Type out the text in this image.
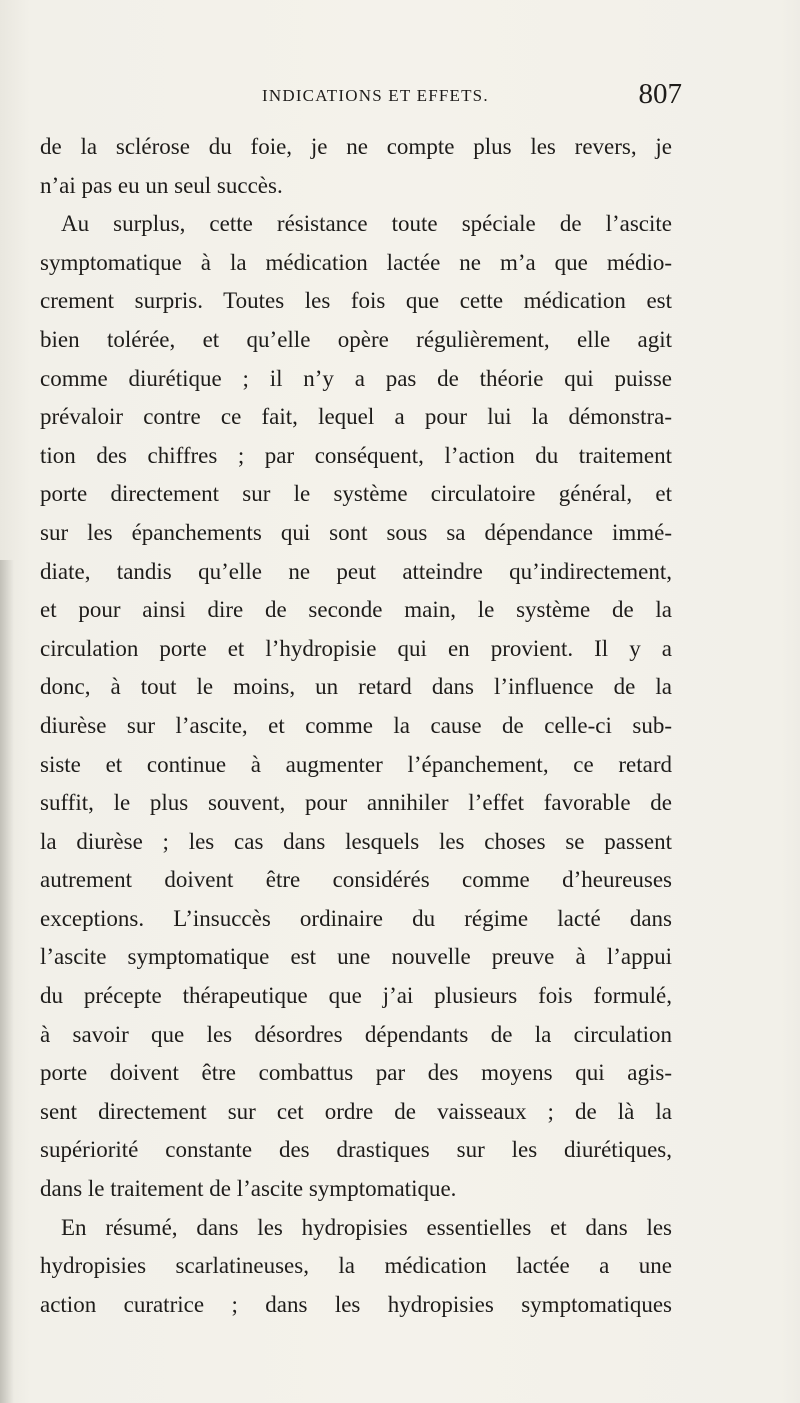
INDICATIONS ET EFFETS.	807
de la sclérose du foie, je ne compte plus les revers, je
n’ai pas eu un seul succès.
Au surplus, cette résistance toute spéciale de l’ascite
symptomatique à la médication lactée ne m’a que médio-
crement surpris. Toutes les fois que cette médication est
bien tolérée, et qu’elle opère régulièrement, elle agit
comme diurétique ; il n’y a pas de théorie qui puisse
prévaloir contre ce fait, lequel a pour lui la démonstra-
tion des chiffres ; par conséquent, l’action du traitement
porte directement sur le système circulatoire général, et
sur les épanchements qui sont sous sa dépendance immé-
diate, tandis qu’elle ne peut atteindre qu’indirectement,
et pour ainsi dire de seconde main, le système de la
circulation porte et l’hydropisie qui en provient. Il y a
donc, à tout le moins, un retard dans l’influence de la
diurèse sur l’ascite, et comme la cause de celle-ci sub-
siste et continue à augmenter l’épanchement, ce retard
suffit, le plus souvent, pour annihiler l’effet favorable de
la diurèse ; les cas dans lesquels les choses se passent
autrement doivent être considérés comme d’heureuses
exceptions. L’insuccès ordinaire du régime lacté dans
l’ascite symptomatique est une nouvelle preuve à l’appui
du précepte thérapeutique que j’ai plusieurs fois formulé,
à savoir que les désordres dépendants de la circulation
porte doivent être combattus par des moyens qui agis-
sent directement sur cet ordre de vaisseaux ; de là la
supériorité constante des drastiques sur les diurétiques,
dans le traitement de l’ascite symptomatique.
En résumé, dans les hydropisies essentielles et dans les
hydropisies scarlatineuses, la médication lactée a une
action curatrice ; dans les hydropisies symptomatiques
